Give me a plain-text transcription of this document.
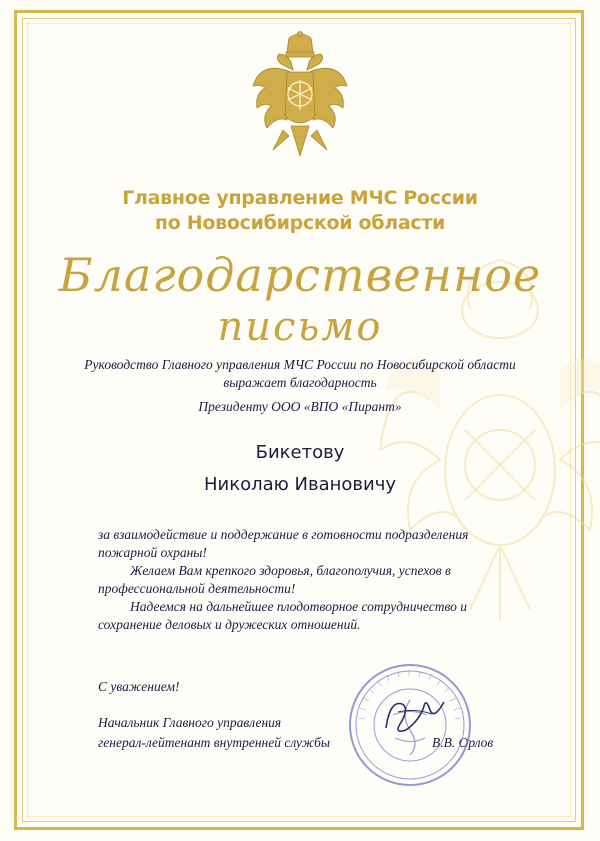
Главное управление МЧС России
по Новосибирской области
Благодарственное
письмо
Руководство Главного управления МЧС России по Новосибирской области выражает благодарность
Президенту ООО «ВПО «Пирант»
Бикетову
Николаю Ивановичу

за взаимодействие и поддержание в готовности подразделения пожарной охраны!

Желаем Вам крепкого здоровья, благополучия, успехов в профессиональной деятельности!

Надеемся на дальнейшее плодотворное сотрудничество и сохранение деловых и дружеских отношений.

С уважением!
Начальник Главного управления
генерал-лейтенант внутренней службы	В.В. Орлов
